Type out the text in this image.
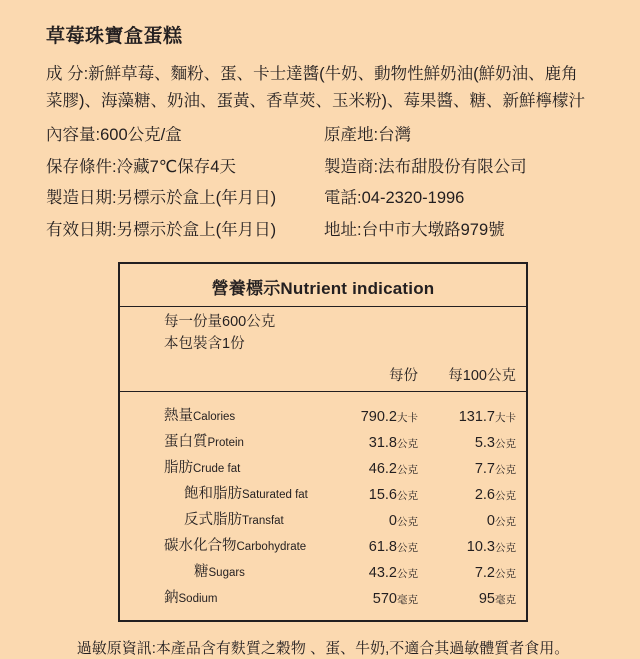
草莓珠寶盒蛋糕

成 分:新鮮草莓、麵粉、蛋、卡士達醬(牛奶、動物性鮮奶油(鮮奶油、鹿角菜膠)、海藻糖、奶油、蛋黃、香草莢、玉米粉)、莓果醬、糖、新鮮檸檬汁

內容量:600公克/盒	原產地:台灣
保存條件:冷藏7℃保存4天	製造商:法布甜股份有限公司
製造日期:另標示於盒上(年月日)	電話:04-2320-1996
有效日期:另標示於盒上(年月日)	地址:台中市大墩路979號
營養標示Nutrient indication
每一份量600公克
本包裝含1份
	每份	每100公克

熱量Calories	790.2大卡	131.7大卡
蛋白質Protein	31.8公克	5.3公克
脂肪Crude fat	46.2公克	7.7公克
飽和脂肪Saturated fat	15.6公克	2.6公克
反式脂肪Transfat	0公克	0公克
碳水化合物Carbohydrate	61.8公克	10.3公克
糖Sugars	43.2公克	7.2公克
鈉Sodium	570毫克	95毫克
過敏原資訊:本產品含有麩質之穀物 、蛋、牛奶,不適合其過敏體質者食用。
